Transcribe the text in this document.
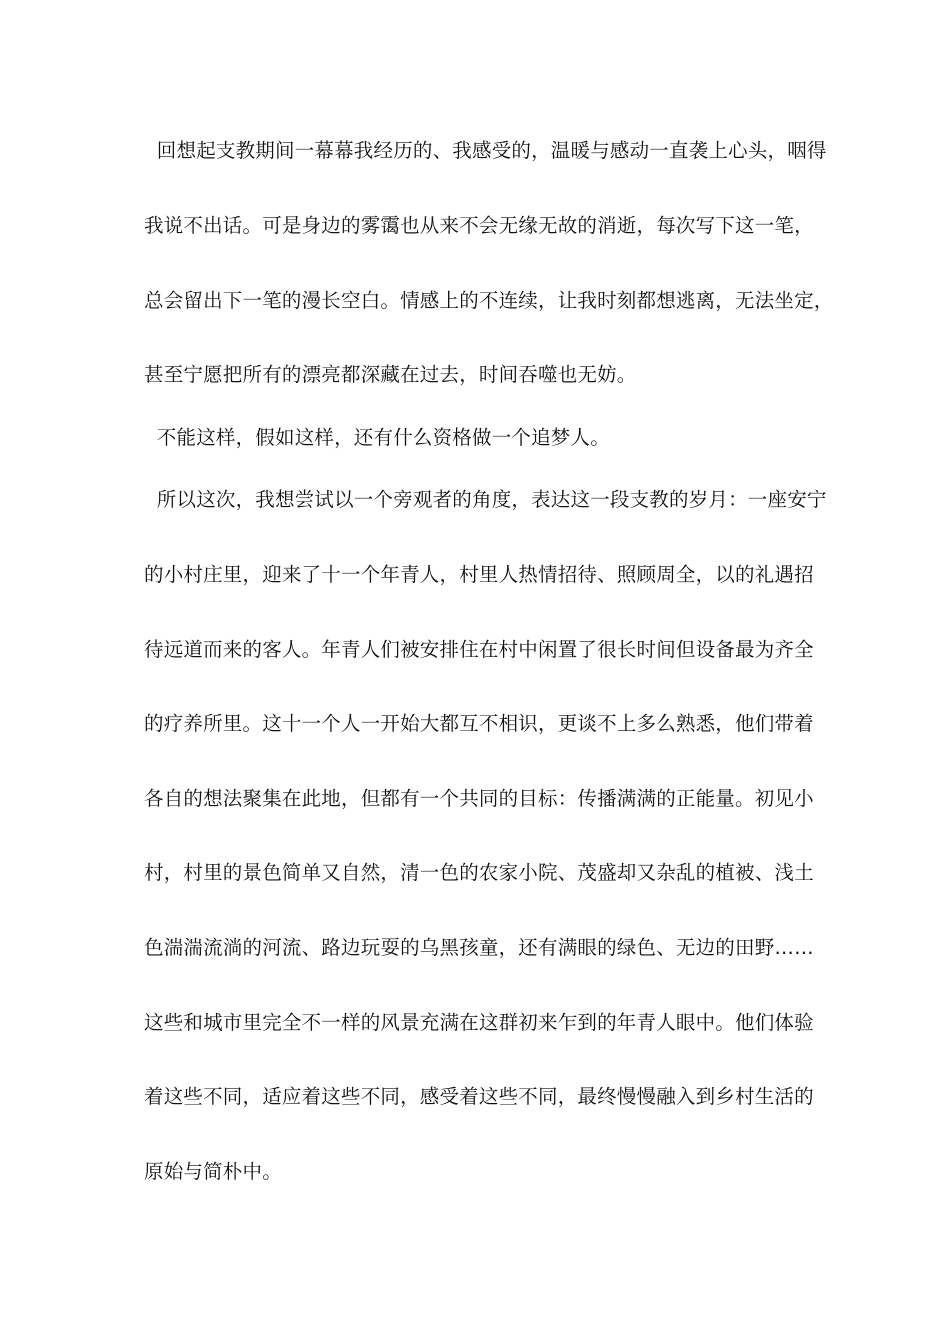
回想起支教期间一幕幕我经历的、我感受的，温暖与感动一直袭上心头，咽得
我说不出话。可是身边的雾霭也从来不会无缘无故的消逝，每次写下这一笔，
总会留出下一笔的漫长空白。情感上的不连续，让我时刻都想逃离，无法坐定，
甚至宁愿把所有的漂亮都深藏在过去，时间吞噬也无妨。
不能这样，假如这样，还有什么资格做一个追梦人。
所以这次，我想尝试以一个旁观者的角度，表达这一段支教的岁月：一座安宁
的小村庄里，迎来了十一个年青人，村里人热情招待、照顾周全，以的礼遇招
待远道而来的客人。年青人们被安排住在村中闲置了很长时间但设备最为齐全
的疗养所里。这十一个人一开始大都互不相识，更谈不上多么熟悉，他们带着
各自的想法聚集在此地，但都有一个共同的目标：传播满满的正能量。初见小
村，村里的景色简单又自然，清一色的农家小院、茂盛却又杂乱的植被、浅土
色湍湍流淌的河流、路边玩耍的乌黑孩童，还有满眼的绿色、无边的田野……
这些和城市里完全不一样的风景充满在这群初来乍到的年青人眼中。他们体验
着这些不同，适应着这些不同，感受着这些不同，最终慢慢融入到乡村生活的
原始与简朴中。
